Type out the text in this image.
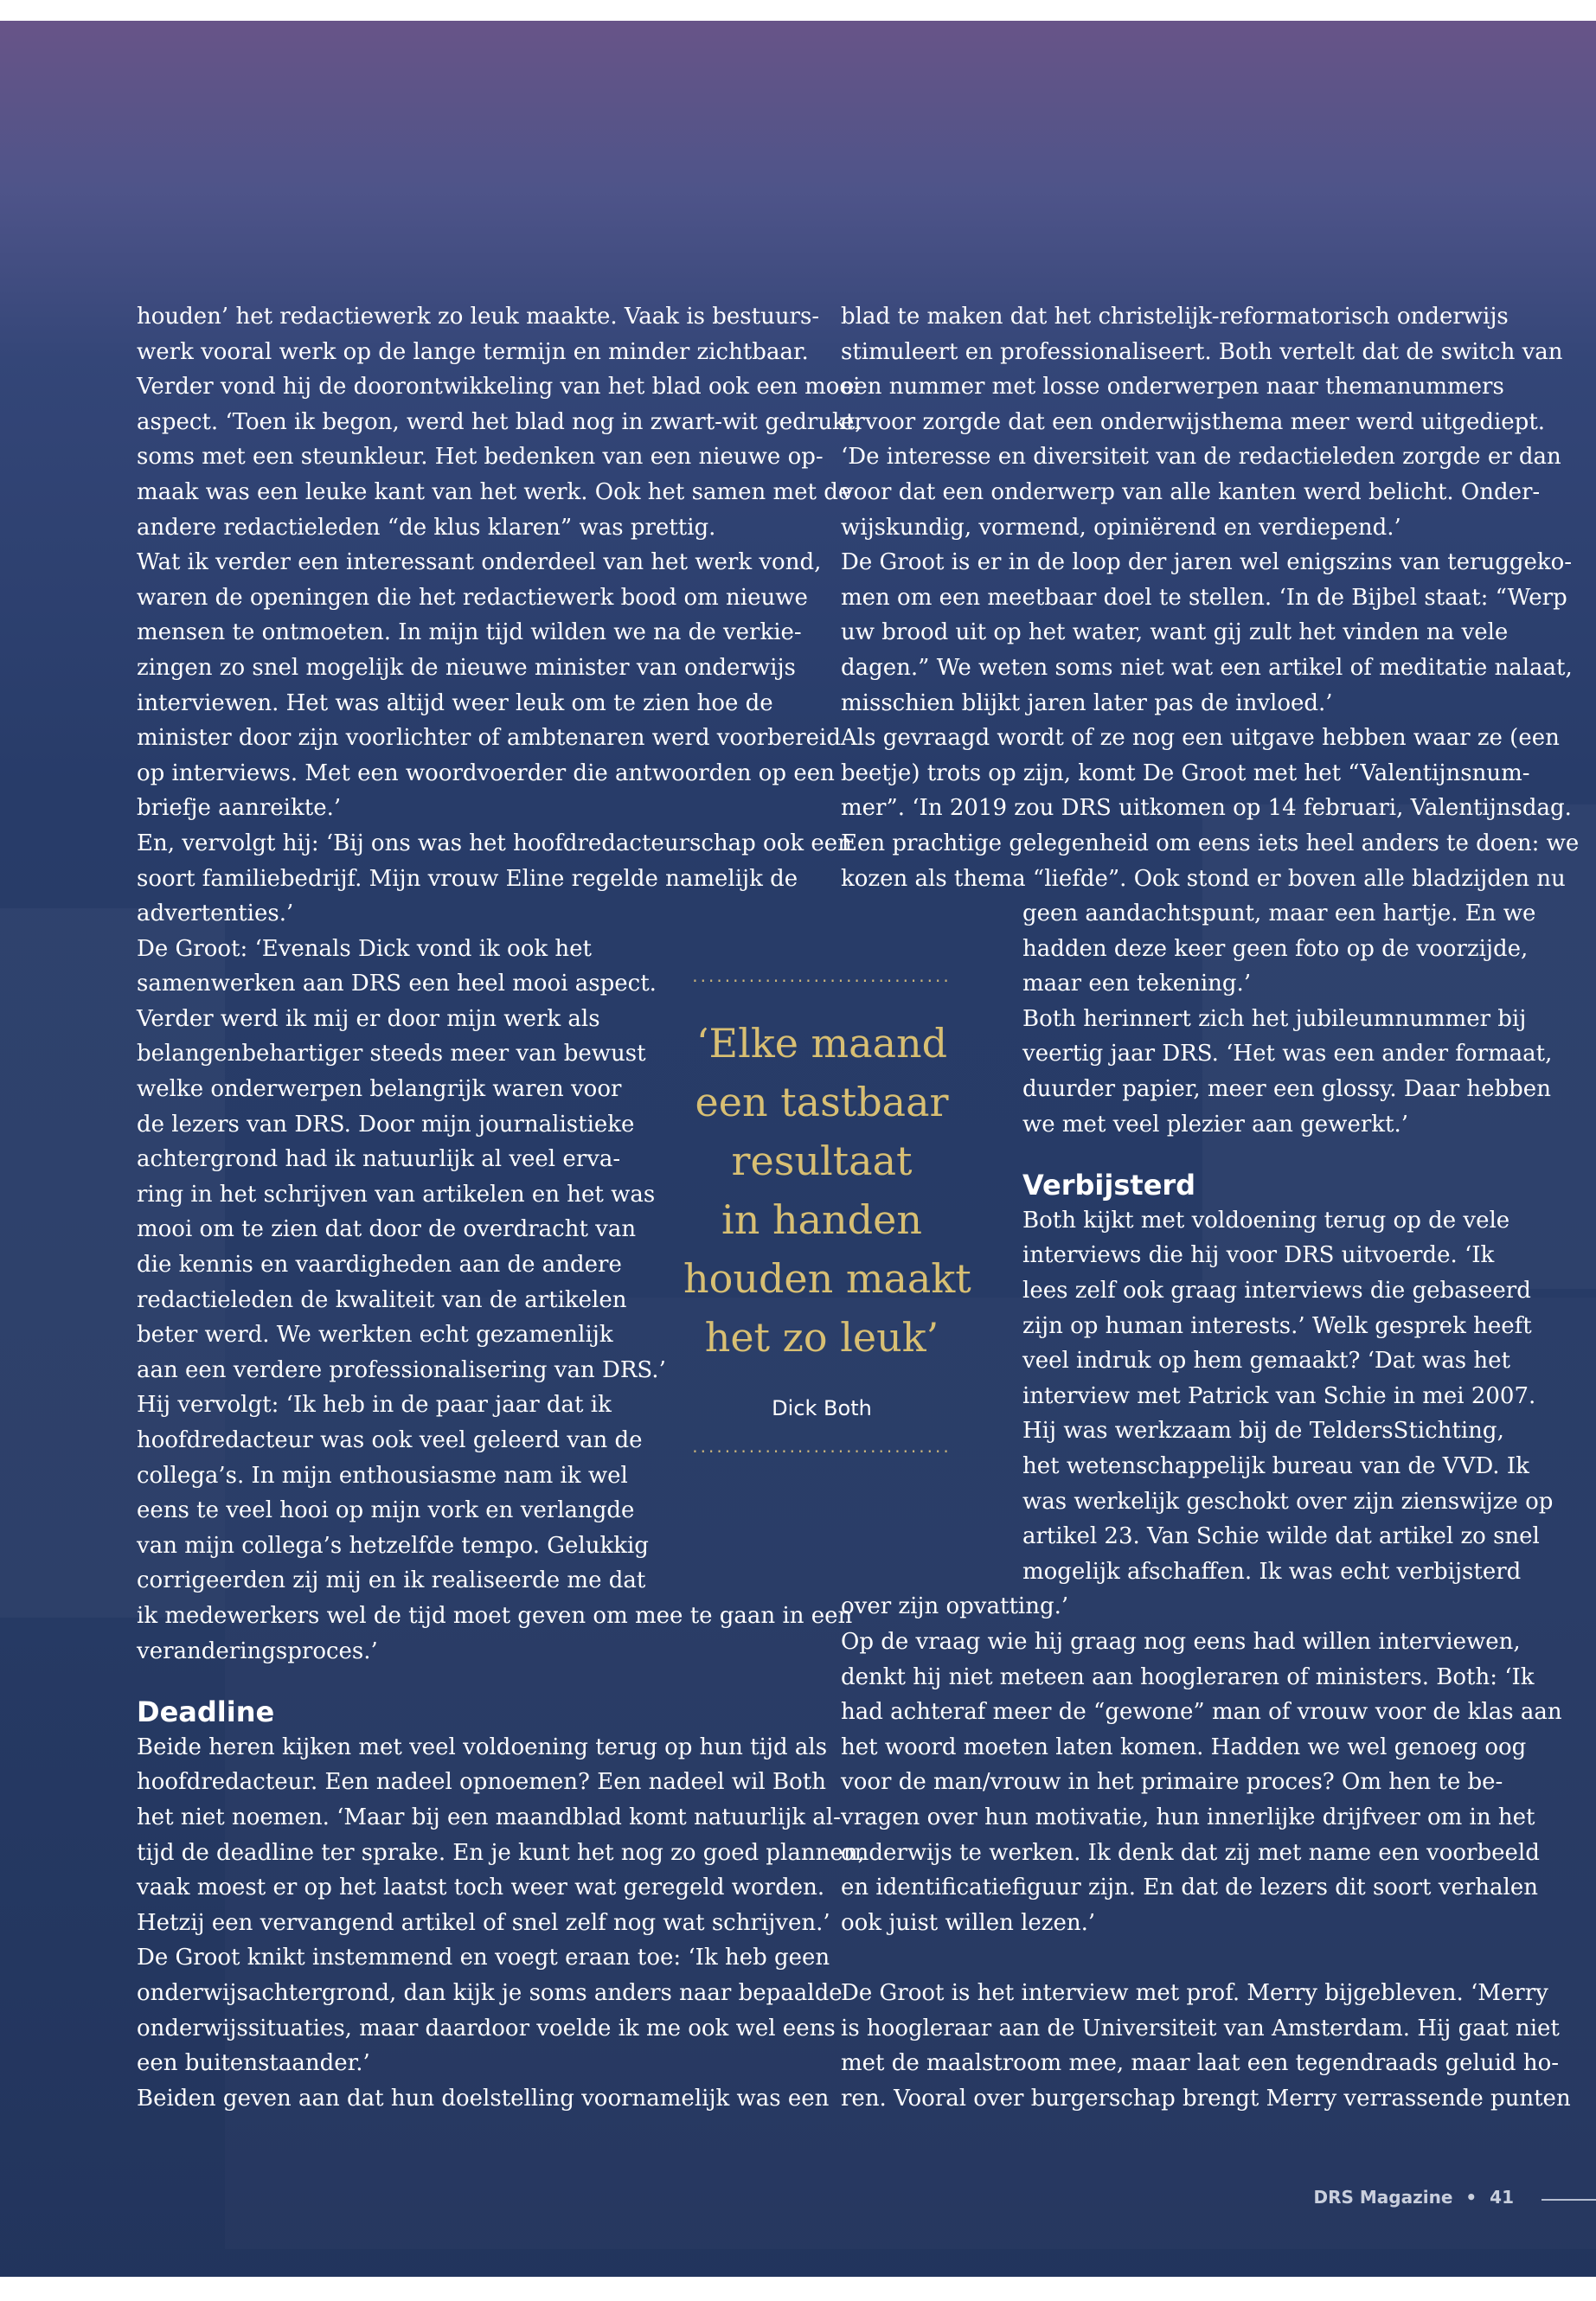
houden’ het redactiewerk zo leuk maakte. Vaak is bestuurs-

werk vooral werk op de lange termijn en minder zichtbaar.

Verder vond hij de doorontwikkeling van het blad ook een mooi

aspect. ‘Toen ik begon, werd het blad nog in zwart-wit gedrukt,

soms met een steunkleur. Het bedenken van een nieuwe op-

maak was een leuke kant van het werk. Ook het samen met de

andere redactieleden “de klus klaren” was prettig.

Wat ik verder een interessant onderdeel van het werk vond,

waren de openingen die het redactiewerk bood om nieuwe

mensen te ontmoeten. In mijn tijd wilden we na de verkie-

zingen zo snel mogelijk de nieuwe minister van onderwijs

interviewen. Het was altijd weer leuk om te zien hoe de

minister door zijn voorlichter of ambtenaren werd voorbereid

op interviews. Met een woordvoerder die antwoorden op een

briefje aanreikte.’

En, vervolgt hij: ‘Bij ons was het hoofdredacteurschap ook een

soort familiebedrijf. Mijn vrouw Eline regelde namelijk de

advertenties.’

De Groot: ‘Evenals Dick vond ik ook het

samenwerken aan DRS een heel mooi aspect.

Verder werd ik mij er door mijn werk als

belangenbehartiger steeds meer van bewust

welke onderwerpen belangrijk waren voor

de lezers van DRS. Door mijn journalistieke

achtergrond had ik natuurlijk al veel erva-

ring in het schrijven van artikelen en het was

mooi om te zien dat door de overdracht van

die kennis en vaardigheden aan de andere

redactieleden de kwaliteit van de artikelen

beter werd. We werkten echt gezamenlijk

aan een verdere professionalisering van DRS.’

Hij vervolgt: ‘Ik heb in de paar jaar dat ik

hoofdredacteur was ook veel geleerd van de

collega’s. In mijn enthousiasme nam ik wel

eens te veel hooi op mijn vork en verlangde

van mijn collega’s hetzelfde tempo. Gelukkig

corrigeerden zij mij en ik realiseerde me dat

ik medewerkers wel de tijd moet geven om mee te gaan in een

veranderingsproces.’

Deadline

Beide heren kijken met veel voldoening terug op hun tijd als

hoofdredacteur. Een nadeel opnoemen? Een nadeel wil Both

het niet noemen. ‘Maar bij een maandblad komt natuurlijk al-

tijd de deadline ter sprake. En je kunt het nog zo goed plannen,

vaak moest er op het laatst toch weer wat geregeld worden.

Hetzij een vervangend artikel of snel zelf nog wat schrijven.’

De Groot knikt instemmend en voegt eraan toe: ‘Ik heb geen

onderwijsachtergrond, dan kijk je soms anders naar bepaalde

onderwijssituaties, maar daardoor voelde ik me ook wel eens

een buitenstaander.’

Beiden geven aan dat hun doelstelling voornamelijk was een

blad te maken dat het christelijk-reformatorisch onderwijs

stimuleert en professionaliseert. Both vertelt dat de switch van

een nummer met losse onderwerpen naar themanummers

ervoor zorgde dat een onderwijsthema meer werd uitgediept.

‘De interesse en diversiteit van de redactieleden zorgde er dan

voor dat een onderwerp van alle kanten werd belicht. Onder-

wijskundig, vormend, opiniërend en verdiepend.’

De Groot is er in de loop der jaren wel enigszins van teruggeko-

men om een meetbaar doel te stellen. ‘In de Bijbel staat: “Werp

uw brood uit op het water, want gij zult het vinden na vele

dagen.” We weten soms niet wat een artikel of meditatie nalaat,

misschien blijkt jaren later pas de invloed.’

Als gevraagd wordt of ze nog een uitgave hebben waar ze (een

beetje) trots op zijn, komt De Groot met het “Valentijnsnum-

mer”. ‘In 2019 zou DRS uitkomen op 14 februari, Valentijnsdag.

Een prachtige gelegenheid om eens iets heel anders te doen: we

kozen als thema “liefde”. Ook stond er boven alle bladzijden nu

geen aandachtspunt, maar een hartje. En we

hadden deze keer geen foto op de voorzijde,

maar een tekening.’

Both herinnert zich het jubileumnummer bij

veertig jaar DRS. ‘Het was een ander formaat,

duurder papier, meer een glossy. Daar hebben

we met veel plezier aan gewerkt.’

Verbijsterd

Both kijkt met voldoening terug op de vele

interviews die hij voor DRS uitvoerde. ‘Ik

lees zelf ook graag interviews die gebaseerd

zijn op human interests.’ Welk gesprek heeft

veel indruk op hem gemaakt? ‘Dat was het

interview met Patrick van Schie in mei 2007.

Hij was werkzaam bij de TeldersStichting,

het wetenschappelijk bureau van de VVD. Ik

was werkelijk geschokt over zijn zienswijze op

artikel 23. Van Schie wilde dat artikel zo snel

mogelijk afschaffen. Ik was echt verbijsterd

over zijn opvatting.’

Op de vraag wie hij graag nog eens had willen interviewen,

denkt hij niet meteen aan hoogleraren of ministers. Both: ‘Ik

had achteraf meer de “gewone” man of vrouw voor de klas aan

het woord moeten laten komen. Hadden we wel genoeg oog

voor de man/vrouw in het primaire proces? Om hen te be-

vragen over hun motivatie, hun innerlijke drijfveer om in het

onderwijs te werken. Ik denk dat zij met name een voorbeeld

en identificatiefiguur zijn. En dat de lezers dit soort verhalen

ook juist willen lezen.’

De Groot is het interview met prof. Merry bijgebleven. ‘Merry

is hoogleraar aan de Universiteit van Amsterdam. Hij gaat niet

met de maalstroom mee, maar laat een tegendraads geluid ho-

ren. Vooral over burgerschap brengt Merry verrassende punten

................................
‘Elke maand
een tastbaar
resultaat
in handen
houden maakt
het zo leuk’
Dick Both
................................
DRS Magazine • 41
